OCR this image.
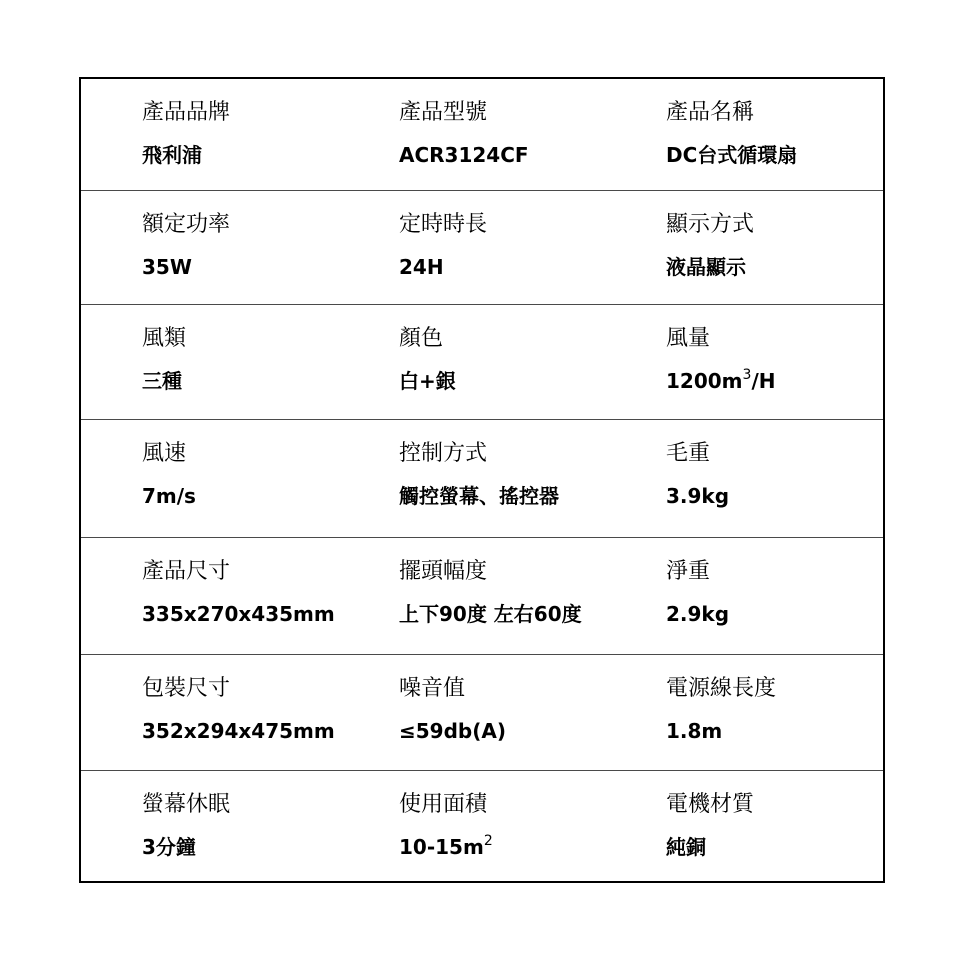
產品品牌
飛利浦
產品型號
ACR3124CF
產品名稱
DC台式循環扇
額定功率
35W
定時時長
24H
顯示方式
液晶顯示
風類
三種
顏色
白+銀
風量
$1200m^3/H$
風速
7m/s
控制方式
觸控螢幕、搖控器
毛重
3.9kg
產品尺寸
335x270x435mm
擺頭幅度
上下90度 左右60度
淨重
2.9kg
包裝尺寸
352x294x475mm
噪音值
≤59db(A)
電源線長度
1.8m
螢幕休眠
3分鐘
使用面積
$10-15m^2$
電機材質
純銅
